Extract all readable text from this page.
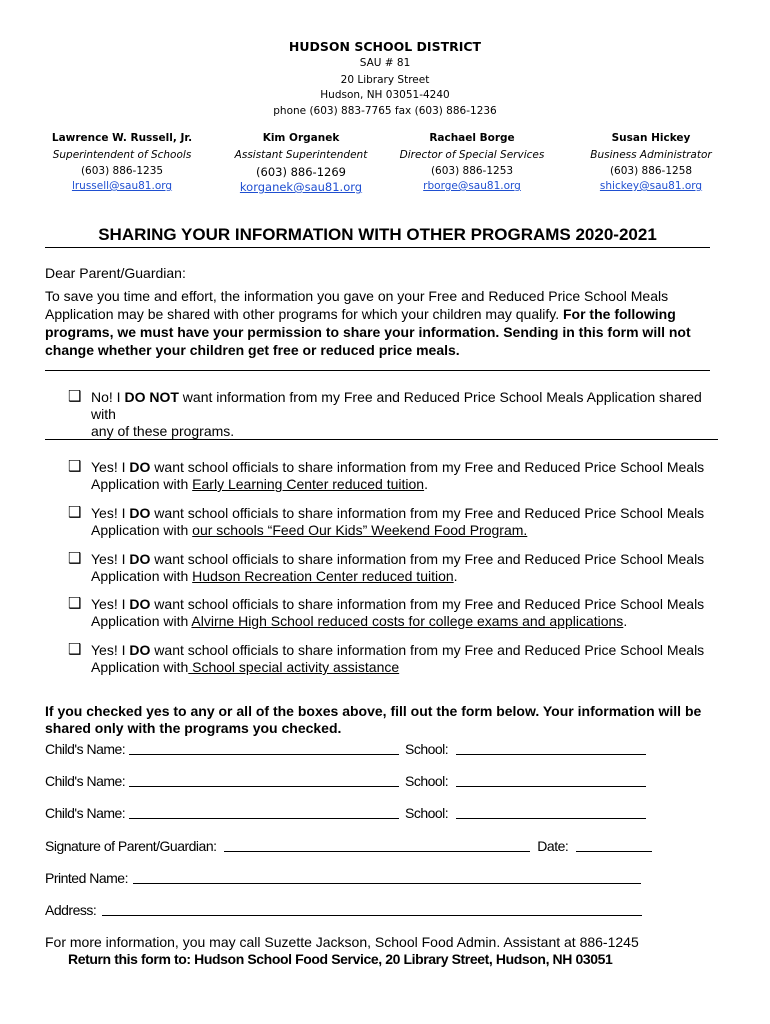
HUDSON SCHOOL DISTRICT
SAU # 81
20 Library Street
Hudson, NH 03051-4240
phone (603) 883-7765 fax (603) 886-1236
Lawrence W. Russell, Jr.
Superintendent of Schools
(603) 886-1235
lrussell@sau81.org
Kim Organek
Assistant Superintendent
(603) 886-1269
korganek@sau81.org
Rachael Borge
Director of Special Services
(603) 886-1253
rborge@sau81.org
Susan Hickey
Business Administrator
(603) 886-1258
shickey@sau81.org
SHARING YOUR INFORMATION WITH OTHER PROGRAMS 2020-2021
Dear Parent/Guardian:
To save you time and effort, the information you gave on your Free and Reduced Price School Meals Application may be shared with other programs for which your children may qualify. For the following programs, we must have your permission to share your information. Sending in this form will not change whether your children get free or reduced price meals.
❑ No! I DO NOT want information from my Free and Reduced Price School Meals Application shared with
any of these programs.
❑ Yes! I DO want school officials to share information from my Free and Reduced Price School Meals
Application with Early Learning Center reduced tuition.
❑ Yes! I DO want school officials to share information from my Free and Reduced Price School Meals
Application with our schools “Feed Our Kids” Weekend Food Program.
❑ Yes! I DO want school officials to share information from my Free and Reduced Price School Meals
Application with Hudson Recreation Center reduced tuition.
❑ Yes! I DO want school officials to share information from my Free and Reduced Price School Meals
Application with Alvirne High School reduced costs for college exams and applications.
❑ Yes! I DO want school officials to share information from my Free and Reduced Price School Meals
Application with School special activity assistance
If you checked yes to any or all of the boxes above, fill out the form below. Your information will be shared only with the programs you checked.
Child's Name:	School:
Child's Name:	School:
Child's Name:	School:
Signature of Parent/Guardian:	Date:
Printed Name:
Address:
For more information, you may call Suzette Jackson, School Food Admin. Assistant at 886-1245
Return this form to: Hudson School Food Service, 20 Library Street, Hudson, NH 03051
